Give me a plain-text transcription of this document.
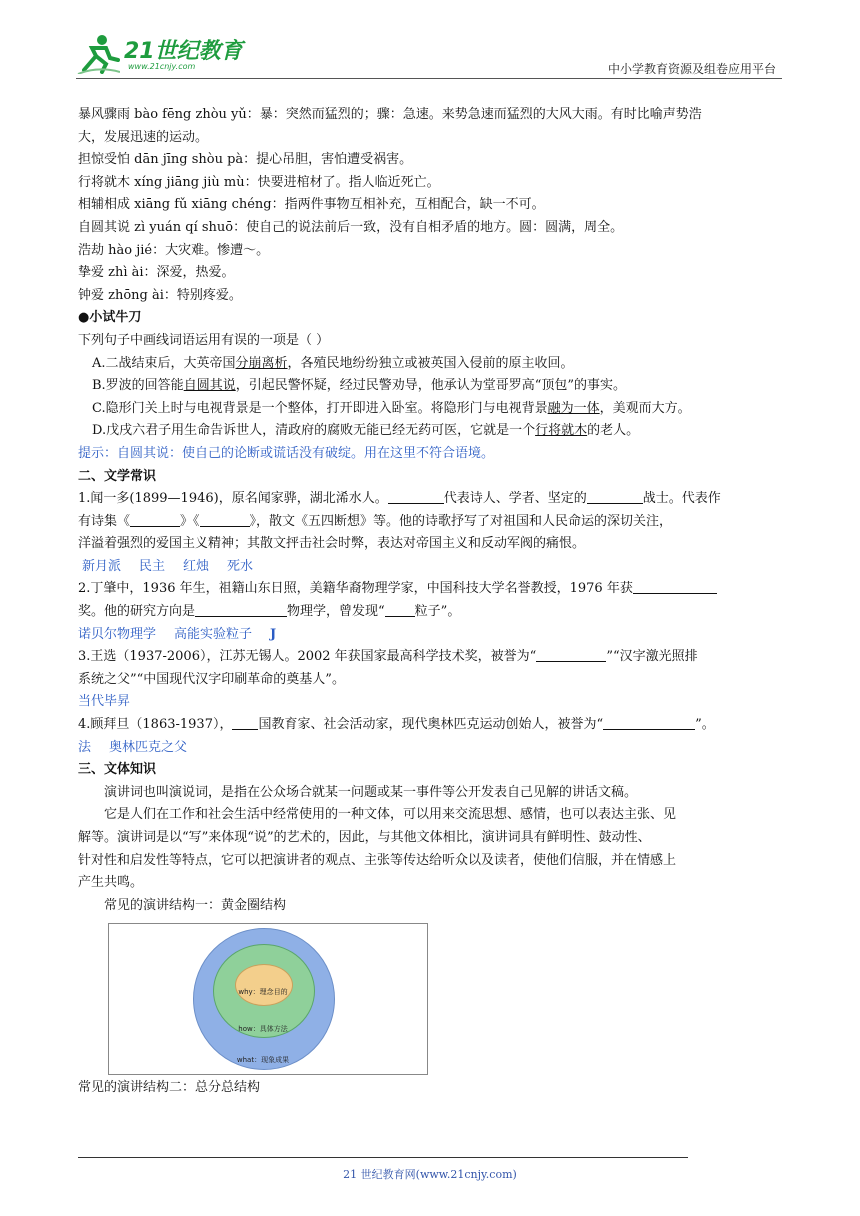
21世纪教育
www.21cnjy.com	中小学教育资源及组卷应用平台

暴风骤雨 bào fēng zhòu yǔ：暴：突然而猛烈的；骤：急速。来势急速而猛烈的大风大雨。有时比喻声势浩

大，发展迅速的运动。

担惊受怕 dān jīng shòu pà：提心吊胆，害怕遭受祸害。

行将就木 xíng jiāng jiù mù：快要进棺材了。指人临近死亡。

相辅相成 xiāng fǔ xiāng chéng：指两件事物互相补充，互相配合，缺一不可。

自圆其说 zì yuán qí shuō：使自己的说法前后一致，没有自相矛盾的地方。圆：圆满，周全。

浩劫 hào jié：大灾难。惨遭～。

挚爱 zhì ài：深爱，热爱。

钟爱 zhōng ài：特别疼爱。

●小试牛刀

下列句子中画线词语运用有误的一项是（ ）

A.二战结束后，大英帝国分崩离析，各殖民地纷纷独立或被英国入侵前的原主收回。

B.罗波的回答能自圆其说，引起民警怀疑，经过民警劝导，他承认为堂哥罗高“顶包”的事实。

C.隐形门关上时与电视背景是一个整体，打开即进入卧室。将隐形门与电视背景融为一体，美观而大方。

D.戊戌六君子用生命告诉世人，清政府的腐败无能已经无药可医，它就是一个行将就木的老人。

提示：自圆其说：使自己的论断或谎话没有破绽。用在这里不符合语境。

二、文学常识

1.闻一多(1899—1946)，原名闻家骅，湖北浠水人。	代表诗人、学者、坚定的	战士。代表作

有诗集《	》《	》，散文《五四断想》等。他的诗歌抒写了对祖国和人民命运的深切关注，

洋溢着强烈的爱国主义精神；其散文抨击社会时弊，表达对帝国主义和反动军阀的痛恨。

新月派 民主 红烛 死水

2.丁肇中，1936 年生，祖籍山东日照，美籍华裔物理学家，中国科技大学名誉教授，1976 年获

奖。他的研究方向是	物理学，曾发现“ 粒子”。

诺贝尔物理学 高能实验粒子 J

3.王选（1937-2006），江苏无锡人。2002 年获国家最高科学技术奖，被誉为“	”“汉字激光照排

系统之父”“中国现代汉字印刷革命的奠基人”。

当代毕昇

4.顾拜旦（1863-1937）， 国教育家、社会活动家，现代奥林匹克运动创始人，被誉为“	”。

法 奥林匹克之父

三、文体知识

演讲词也叫演说词，是指在公众场合就某一问题或某一事件等公开发表自己见解的讲话文稿。

它是人们在工作和社会生活中经常使用的一种文体，可以用来交流思想、感情，也可以表达主张、见

解等。演讲词是以“写”来体现“说”的艺术的，因此，与其他文体相比，演讲词具有鲜明性、鼓动性、

针对性和启发性等特点，它可以把演讲者的观点、主张等传达给听众以及读者，使他们信服，并在情感上

产生共鸣。

常见的演讲结构一：黄金圈结构

why：理念目的
how：具体方法
what：现象成果

常见的演讲结构二：总分总结构

21 世纪教育网(www.21cnjy.com)
